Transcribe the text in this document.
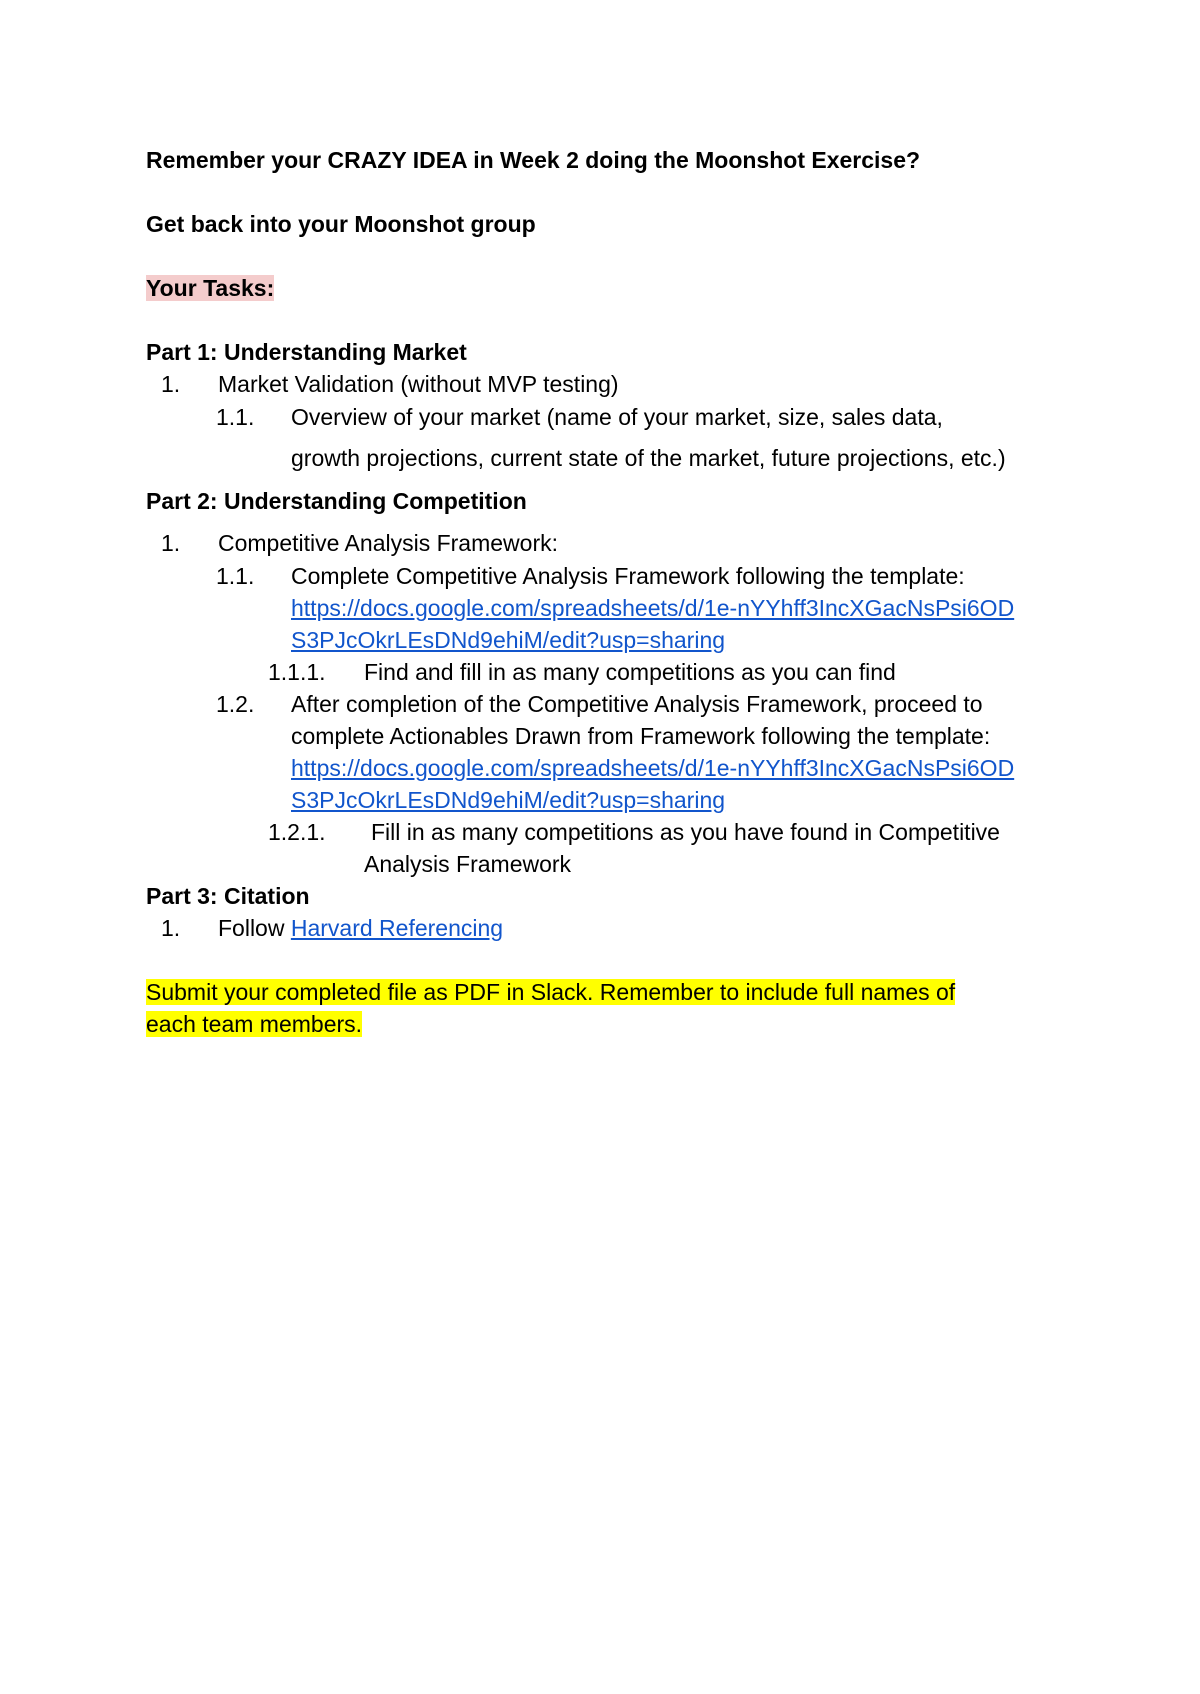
Remember your CRAZY IDEA in Week 2 doing the Moonshot Exercise?
Get back into your Moonshot group
Your Tasks:
Part 1: Understanding Market
1. Market Validation (without MVP testing)
1.1. Overview of your market (name of your market, size, sales data,
growth projections, current state of the market, future projections, etc.)
Part 2: Understanding Competition
1. Competitive Analysis Framework:
1.1. Complete Competitive Analysis Framework following the template:
https://docs.google.com/spreadsheets/d/1e-nYYhff3IncXGacNsPsi6OD
S3PJcOkrLEsDNd9ehiM/edit?usp=sharing
1.1.1. Find and fill in as many competitions as you can find
1.2. After completion of the Competitive Analysis Framework, proceed to
complete Actionables Drawn from Framework following the template:
https://docs.google.com/spreadsheets/d/1e-nYYhff3IncXGacNsPsi6OD
S3PJcOkrLEsDNd9ehiM/edit?usp=sharing
1.2.1. Fill in as many competitions as you have found in Competitive
Analysis Framework
Part 3: Citation
1. Follow Harvard Referencing
Submit your completed file as PDF in Slack. Remember to include full names of
each team members.
